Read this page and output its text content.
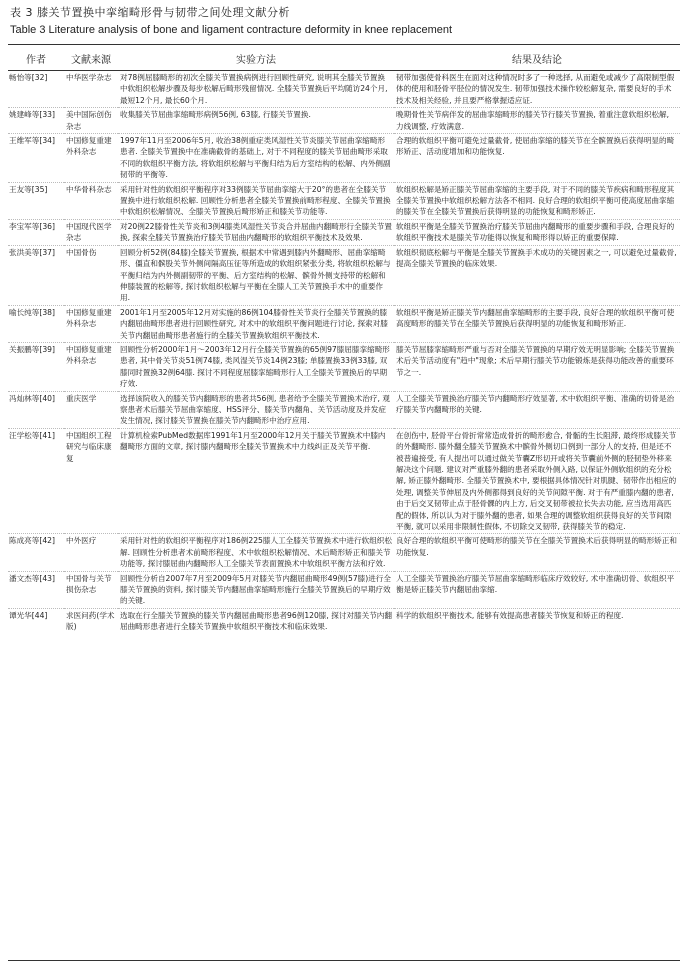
表 3 膝关节置换中挛缩畸形骨与韧带之间处理文献分析
Table 3 Literature analysis of bone and ligament contracture deformity in knee replacement
作者	文献来源	实验方法	结果及结论
畅怡等[32]	中华医学杂志	对78例屈膝畸形的初次全膝关节置换病例进行回顾性研究, 说明其全膝关节置换中软组织松解步骤及每步松解后畸形残留情况. 全膝关节置换后平均随访24个月, 最短12个月, 最长60个月.	韧带加强使骨科医生在面对这种情况时多了一种选择, 从而避免或减少了高限制型假体的使用和胫骨平胫位的情况发生. 韧带加强技术操作较松解复杂, 需要良好的手术技术及相关经验, 并且要严格掌握适应证.
姚建峰等[33]	美中国际创伤杂志	收集膝关节屈曲挛缩畸形病例56例, 63膝, 行膝关节置换.	晚期骨性关节病伴发的屈曲挛缩畸形的膝关节行膝关节置换, 着重注意软组织松解, 力线调整, 疗效满意.
王维军等[34]	中国修复重建外科杂志	1997年11月至2006年5月, 收治38例重症类风湿性关节炎膝关节屈曲挛缩畸形患者. 全膝关节置换中在准确截骨的基础上, 对于不同程度的膝关节屈曲畸形采取不同的软组织平衡方法, 将软组织松解与平衡归结为后方室结构的松解、内外侧副韧带的平衡等.	合理的软组织平衡可避免过量截骨, 使屈曲挛缩的膝关节在全髌置换后获得明显的畸形矫正、活动度增加和功能恢复.
王友等[35]	中华骨科杂志	采用针对性的软组织平衡程序对33例膝关节屈曲挛缩大于20°的患者在全膝关节置换中进行软组织松解. 回顾性分析患者全膝关节置换前畸形程度、全膝关节置换中软组织松解情况、全膝关节置换后畸形矫正和膝关节功能等.	软组织松解是矫正膝关节屈曲挛缩的主要手段, 对于不同的膝关节疾病和畸形程度其全膝关节置换中软组织松解方法各不相同. 良好合理的软组织平衡可使高度屈曲挛缩的膝关节在全膝关节置换后获得明显的功能恢复和畸形矫正.
李宝军等[36]	中国现代医学杂志	对20例22膝骨性关节炎和3例4膝类风湿性关节炎合并屈曲内翻畸形行全膝关节置换, 探索全膝关节置换治疗膝关节屈曲内翻畸形的软组织平衡技术及效果.	软组织平衡是全膝关节置换治疗膝关节屈曲内翻畸形的重要步骤和手段, 合理良好的软组织平衡技术是膝关节功能得以恢复和畸形得以矫正的重要保障.
张洪美等[37]	中国骨伤	回顾分析52例(84膝)全膝关节置换, 根据术中常遇到膝内外翻畸形、屈曲挛缩畸形、僵直和髌股关节外侧间隔高压征等所造成的软组织紧张分类, 将软组织松解与平衡归结为内外侧副韧带的平衡、后方室结构的松解、髌骨外侧支持带的松解和伸膝装置的松解等, 探讨软组织松解与平衡在全膝人工关节置换手术中的重要作用.	软组织彻底松解与平衡是全膝关节置换手术成功的关键因素之一, 可以避免过量截骨, 提高全膝关节置换的临床效果.
喻长纯等[38]	中国修复重建外科杂志	2001年1月至2005年12月对实施的86例104膝骨性关节炎行全膝关节置换的膝内翻屈曲畸形患者进行回顾性研究, 对术中的软组织平衡问题进行讨论, 探索对膝关节内翻屈曲畸形患者施行的全膝关节置换软组织平衡技术.	软组织平衡是矫正膝关节内翻屈曲挛缩畸形的主要手段, 良好合理的软组织平衡可使高度畸形的膝关节在全膝关节置换后获得明显的功能恢复和畸形矫正.
关振鹏等[39]	中国修复重建外科杂志	回顾性分析2000年1月～2003年12月行全膝关节置换的65例97膝屈膝挛缩畸形患者, 其中骨关节炎51例74膝, 类风湿关节炎14例23膝; 单膝置换33例33膝, 双膝同时置换32例64膝. 探讨不同程度屈膝挛缩畸形行人工全膝关节置换后的早期疗效.	膝关节屈膝挛缩畸形严重与否对全膝关节置换的早期疗效无明显影响; 全膝关节置换术后关节活动度有"趋中"现象; 术后早期行膝关节功能锻炼是获得功能改善的重要环节之一.
冯灿林等[40]	重庆医学	选择该院收入的膝关节内翻畸形的患者共56例, 患者给予全膝关节置换术治疗, 观察患者术后膝关节屈曲挛缩度、HSS评分、膝关节内翻角、关节活动度及并发症发生情况, 探讨膝关节置换在膝关节内翻畸形中治疗应用.	人工全膝关节置换治疗膝关节内翻畸形疗效显著, 术中软组织平衡、准确的切骨是治疗膝关节内翻畸形的关键.
汪学松等[41]	中国组织工程研究与临床康复	计算机检索PubMed数据库1991年1月至2000年12月关于膝关节置换术中膝内翻畸形方面的文章, 探讨膝内翻畸形全膝关节置换术中力线纠正及关节平衡.	在创伤中, 胫骨平台骨折常常造成骨折的畸形愈合, 骨骺的生长阻滞, 最终形成膝关节的外翻畸形. 膝外翻全膝关节置换术中髌骨外侧切口例到一部分人的支持, 但是还不被普遍接受, 有人提出可以通过做关节囊Z形切开或将关节囊前外侧的胫韧垫外移来解决这个问题. 建议对严重膝外翻的患者采取外侧入路, 以保证外侧软组织的充分松解, 矫正膝外翻畸形. 全膝关节置换术中, 要根据具体情况针对肌腱、韧带作出相应的处理, 调整关节伸屈及内外侧都得到良好的关节间隙平衡. 对于有严重膝内翻的患者, 由于后交叉韧带止点于胫骨髁的内上方, 后交叉韧带被拉长失去功能, 应当选用高匹配的假体, 所以认为对于膝外翻的患者, 如果合理的调整软组织获得良好的关节间隙平衡, 就可以采用非限制性假体, 不切除交叉韧带, 获得膝关节的稳定.
陈成亮等[42]	中外医疗	采用针对性的软组织平衡程序对186例225膝人工全膝关节置换术中进行软组织松解. 回顾性分析患者术前畸形程度、术中软组织松解情况、术后畸形矫正和膝关节功能等, 探讨膝屈曲内翻畸形人工全膝关节表面置换术中软组织平衡方法和疗效.	良好合理的软组织平衡可使畸形的膝关节在全膝关节置换术后获得明显的畸形矫正和功能恢复.
潘文杰等[43]	中国骨与关节损伤杂志	回顾性分析自2007年7月至2009年5月对膝关节内翻屈曲畸形49例(57膝)进行全膝关节置换的资料, 探讨膝关节内翻屈曲挛缩畸形施行全膝关节置换后的早期疗效的关键.	人工全膝关节置换治疗膝关节屈曲挛缩畸形临床疗效较好, 术中准确切骨、软组织平衡是矫正膝关节内翻屈曲挛缩.
谭光华[44]	求医问药(学术版)	选取在行全膝关节置换的膝关节内翻屈曲畸形患者96例120膝, 探讨对膝关节内翻屈曲畸形患者进行全膝关节置换中软组织平衡技术和临床效果.	科学的软组织平衡技术, 能够有效提高患者膝关节恢复和矫正的程度.
